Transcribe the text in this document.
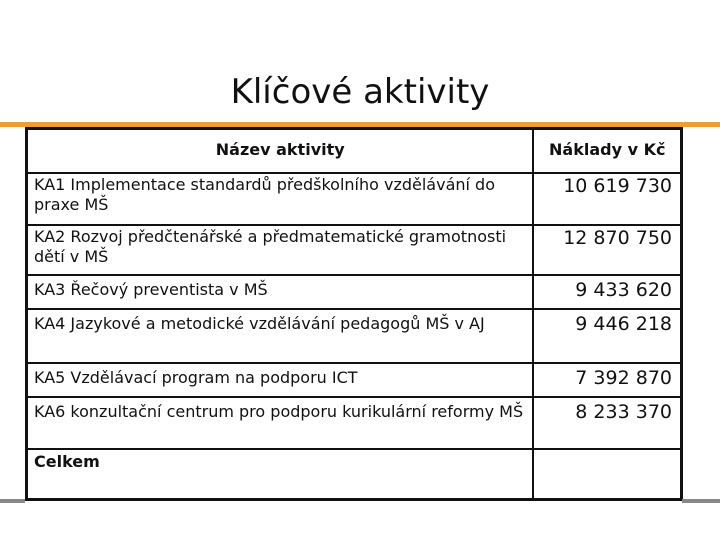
Klíčové aktivity
Název aktivity	Náklady v Kč
KA1 Implementace standardů předškolního vzdělávání do praxe MŠ	10 619 730
KA2 Rozvoj předčtenářské a předmatematické gramotnosti dětí v MŠ	12 870 750
KA3 Řečový preventista v MŠ	9 433 620
KA4 Jazykové a metodické vzdělávání pedagogů MŠ v AJ	9 446 218
KA5 Vzdělávací program na podporu ICT	7 392 870
KA6 konzultační centrum pro podporu kurikulární reformy MŠ	8 233 370
Celkem	
